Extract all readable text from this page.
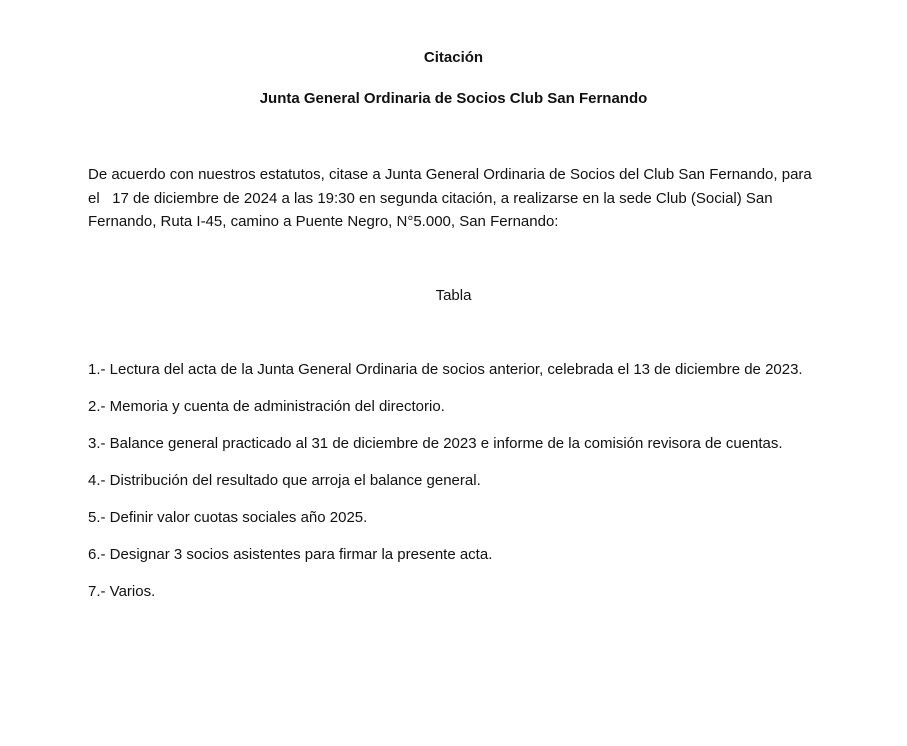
Citación
Junta General Ordinaria de Socios Club San Fernando

De acuerdo con nuestros estatutos, citase a Junta General Ordinaria de Socios del Club San Fernando, para el   17 de diciembre de 2024 a las 19:30 en segunda citación, a realizarse en la sede Club (Social) San Fernando, Ruta I-45, camino a Puente Negro, N°5.000, San Fernando:

Tabla

1.- Lectura del acta de la Junta General Ordinaria de socios anterior, celebrada el 13 de diciembre de 2023.
2.- Memoria y cuenta de administración del directorio.
3.- Balance general practicado al 31 de diciembre de 2023 e informe de la comisión revisora de cuentas.
4.- Distribución del resultado que arroja el balance general.
5.- Definir valor cuotas sociales año 2025.
6.- Designar 3 socios asistentes para firmar la presente acta.
7.- Varios.
